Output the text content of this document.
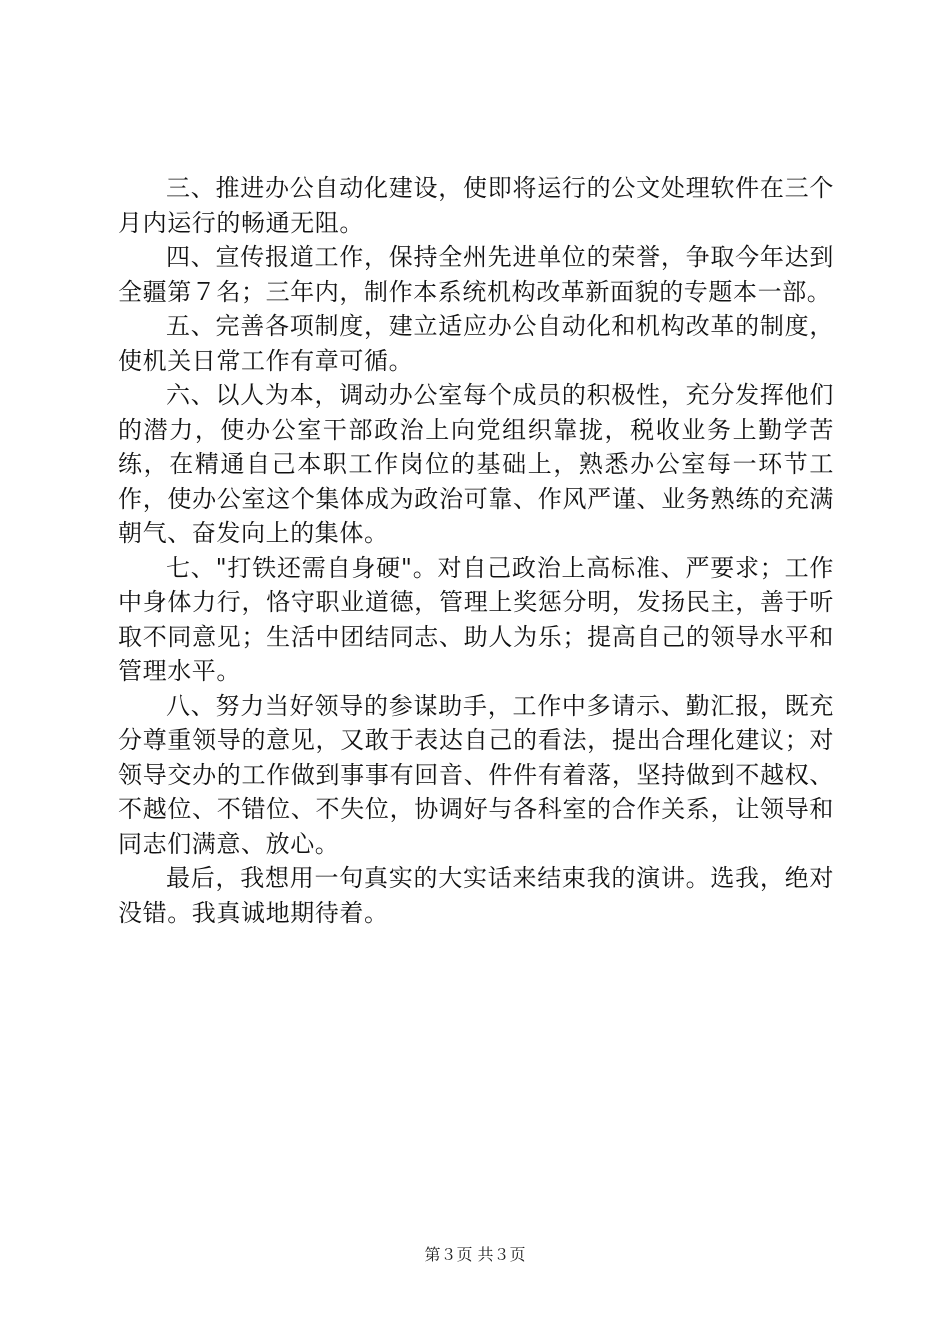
三、推进办公自动化建设，使即将运行的公文处理软件在三个月内运行的畅通无阻。

四、宣传报道工作，保持全州先进单位的荣誉，争取今年达到全疆第７名；三年内，制作本系统机构改革新面貌的专题本一部。

五、完善各项制度，建立适应办公自动化和机构改革的制度，使机关日常工作有章可循。

六、以人为本，调动办公室每个成员的积极性，充分发挥他们的潜力，使办公室干部政治上向党组织靠拢，税收业务上勤学苦练，在精通自己本职工作岗位的基础上，熟悉办公室每一环节工作，使办公室这个集体成为政治可靠、作风严谨、业务熟练的充满朝气、奋发向上的集体。

七、"打铁还需自身硬"。对自己政治上高标准、严要求；工作中身体力行，恪守职业道德，管理上奖惩分明，发扬民主，善于听取不同意见；生活中团结同志、助人为乐；提高自己的领导水平和管理水平。

八、努力当好领导的参谋助手，工作中多请示、勤汇报，既充分尊重领导的意见，又敢于表达自己的看法，提出合理化建议；对领导交办的工作做到事事有回音、件件有着落，坚持做到不越权、不越位、不错位、不失位，协调好与各科室的合作关系，让领导和同志们满意、放心。

最后，我想用一句真实的大实话来结束我的演讲。选我，绝对没错。我真诚地期待着。

第３页 共３页
